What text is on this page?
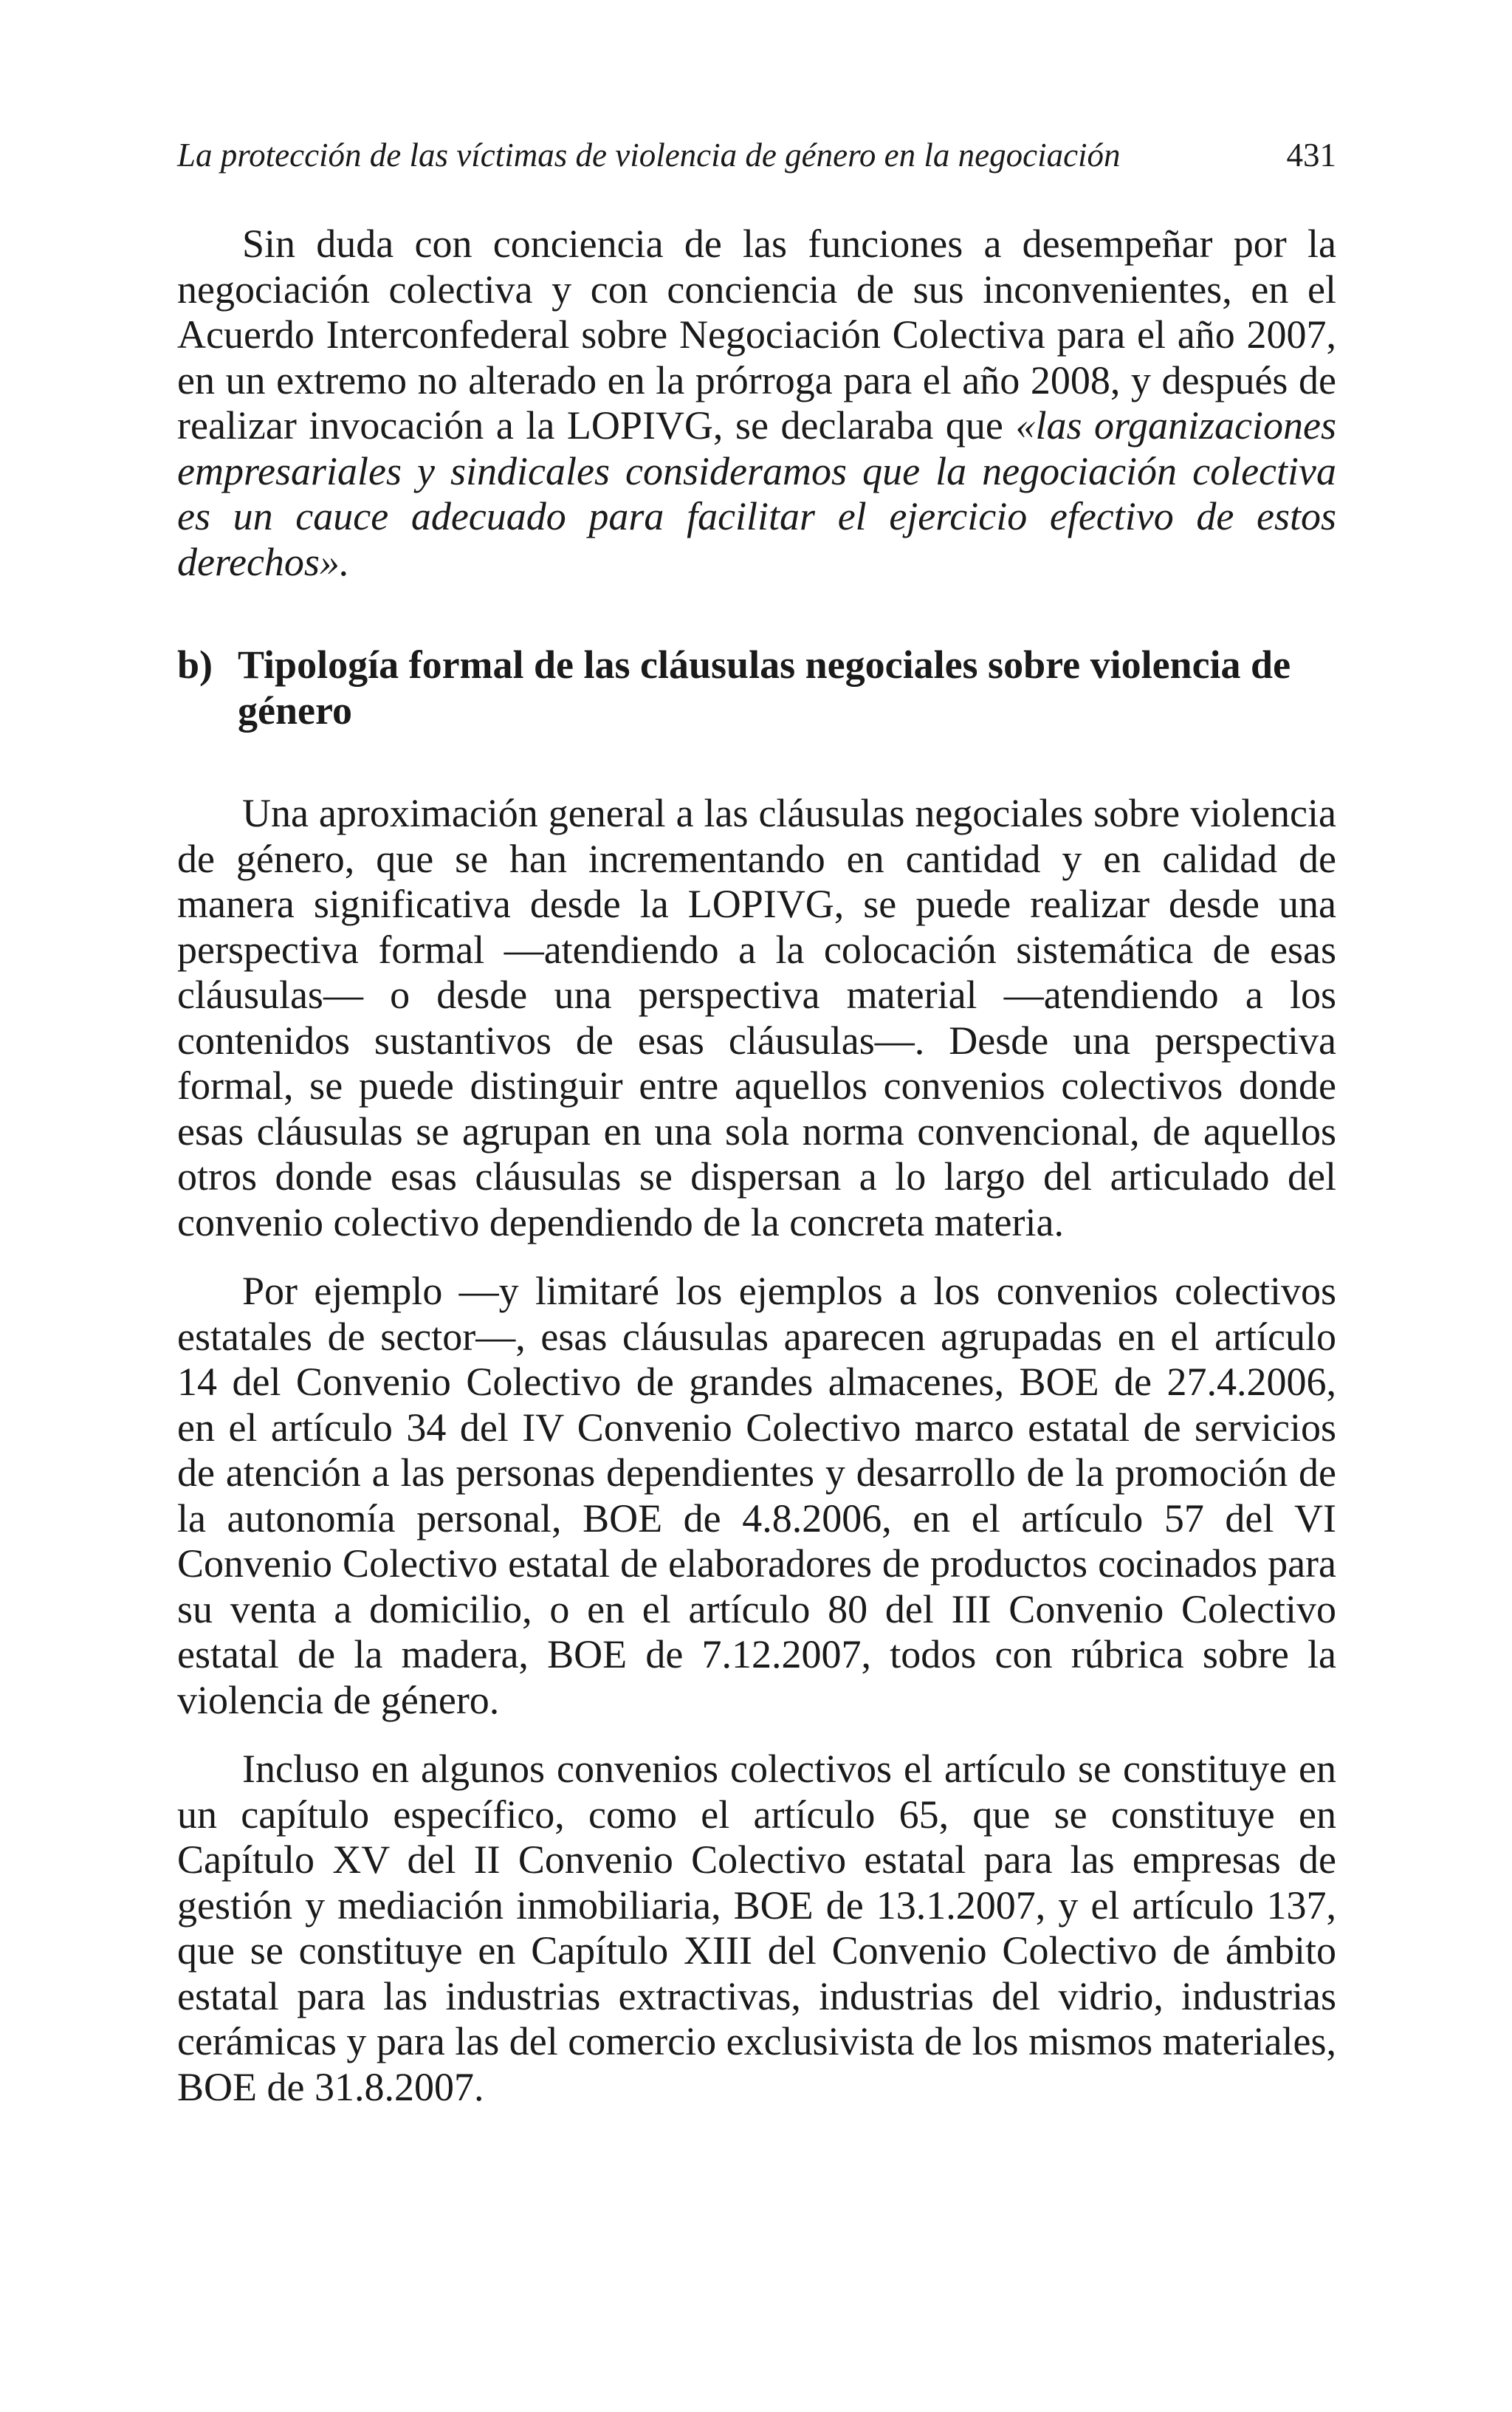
La protección de las víctimas de violencia de género en la negociación	431

Sin duda con conciencia de las funciones a desempeñar por la negociación colectiva y con conciencia de sus inconvenientes, en el Acuerdo Interconfederal sobre Negociación Colectiva para el año 2007, en un extremo no alterado en la prórroga para el año 2008, y después de realizar invocación a la LOPIVG, se declaraba que «las organizaciones empresariales y sindicales consideramos que la negociación colectiva es un cauce adecuado para facilitar el ejercicio efectivo de estos derechos».

b) Tipología formal de las cláusulas negociales sobre violencia de género

Una aproximación general a las cláusulas negociales sobre violencia de género, que se han incrementando en cantidad y en calidad de manera significativa desde la LOPIVG, se puede realizar desde una perspectiva formal —atendiendo a la colocación sistemática de esas cláusulas— o desde una perspectiva material —atendiendo a los contenidos sustantivos de esas cláusulas—. Desde una perspectiva formal, se puede distinguir entre aquellos convenios colectivos donde esas cláusulas se agrupan en una sola norma convencional, de aquellos otros donde esas cláusulas se dispersan a lo largo del articulado del convenio colectivo dependiendo de la concreta materia.

Por ejemplo —y limitaré los ejemplos a los convenios colectivos estatales de sector—, esas cláusulas aparecen agrupadas en el artículo 14 del Convenio Colectivo de grandes almacenes, BOE de 27.4.2006, en el artículo 34 del IV Convenio Colectivo marco estatal de servicios de atención a las personas dependientes y desarrollo de la promoción de la autonomía personal, BOE de 4.8.2006, en el artículo 57 del VI Convenio Colectivo estatal de elaboradores de productos cocinados para su venta a domicilio, o en el artículo 80 del III Convenio Colectivo estatal de la madera, BOE de 7.12.2007, todos con rúbrica sobre la violencia de género.

Incluso en algunos convenios colectivos el artículo se constituye en un capítulo específico, como el artículo 65, que se constituye en Capítulo XV del II Convenio Colectivo estatal para las empresas de gestión y mediación inmobiliaria, BOE de 13.1.2007, y el artículo 137, que se constituye en Capítulo XIII del Convenio Colectivo de ámbito estatal para las industrias extractivas, industrias del vidrio, industrias cerámicas y para las del comercio exclusivista de los mismos materiales, BOE de 31.8.2007.
